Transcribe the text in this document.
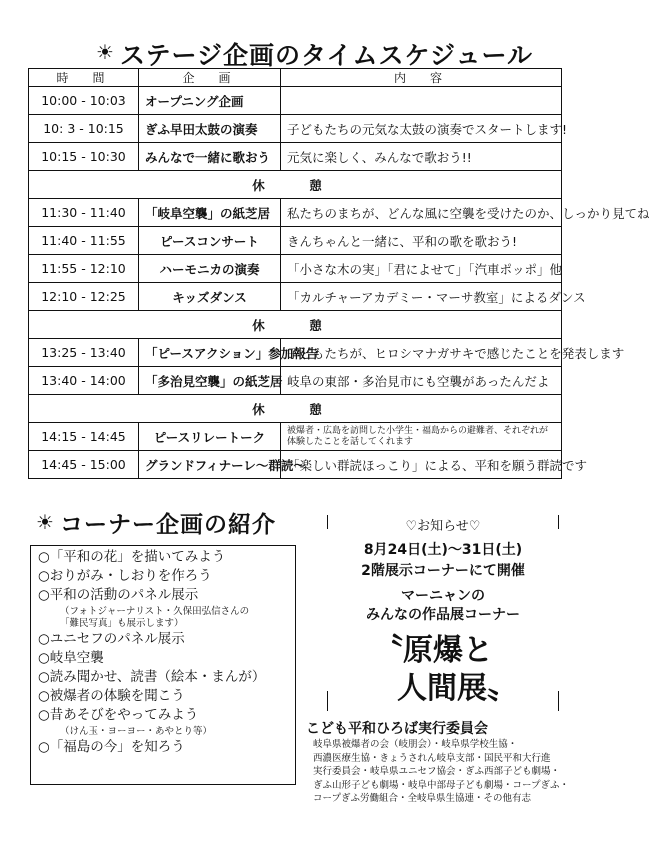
☀ ステージ企画のタイムスケジュール
時　間	企　画	内　容
10:00 - 10:03	オープニング企画	
10: 3 - 10:15	ぎふ早田太鼓の演奏	子どもたちの元気な太鼓の演奏でスタートします!
10:15 - 10:30	みんなで一緒に歌おう	元気に楽しく、みんなで歌おう!!
休　憩		
11:30 - 11:40	「岐阜空襲」の紙芝居	私たちのまちが、どんな風に空襲を受けたのか、しっかり見てね
11:40 - 11:55	ピースコンサート	きんちゃんと一緒に、平和の歌を歌おう!
11:55 - 12:10	ハーモニカの演奏	「小さな木の実」「君によせて」「汽車ポッポ」他
12:10 - 12:25	キッズダンス	「カルチャーアカデミー・マーサ教室」によるダンス
休　憩		
13:25 - 13:40	「ピースアクション」参加報告	子どもたちが、ヒロシマナガサキで感じたことを発表します
13:40 - 14:00	「多治見空襲」の紙芝居	岐阜の東部・多治見市にも空襲があったんだよ
休　憩		
14:15 - 14:45	ピースリレートーク	被爆者・広島を訪問した小学生・福島からの避難者、それぞれが体験したことを話してくれます
14:45 - 15:00	グランドフィナーレ〜群読〜	「楽しい群読ほっこり」による、平和を願う群読です
☀ コーナー企画の紹介
○「平和の花」を描いてみよう
○おりがみ・しおりを作ろう
○平和の活動のパネル展示
（フォトジャーナリスト・久保田弘信さんの
「難民写真」も展示します）
○ユニセフのパネル展示
○岐阜空襲
○読み聞かせ、読書（絵本・まんが）
○被爆者の体験を聞こう
○昔あそびをやってみよう
（けん玉・ヨーヨー・あやとり等）
○「福島の今」を知ろう
♡お知らせ♡
8月24日(土)〜31日(土)
2階展示コーナーにて開催
マーニャンの
みんなの作品展コーナー
〝原爆と
人間展〟
こども平和ひろば実行委員会
岐阜県被爆者の会（岐朋会）・岐阜県学校生協・
西濃医療生協・きょうされん岐阜支部・国民平和大行進
実行委員会・岐阜県ユニセフ協会・ぎふ西部子ども劇場・
ぎふ山形子ども劇場・岐阜中部母子ども劇場・コープぎふ・
コープぎふ労働組合・全岐阜県生協連・その他有志
